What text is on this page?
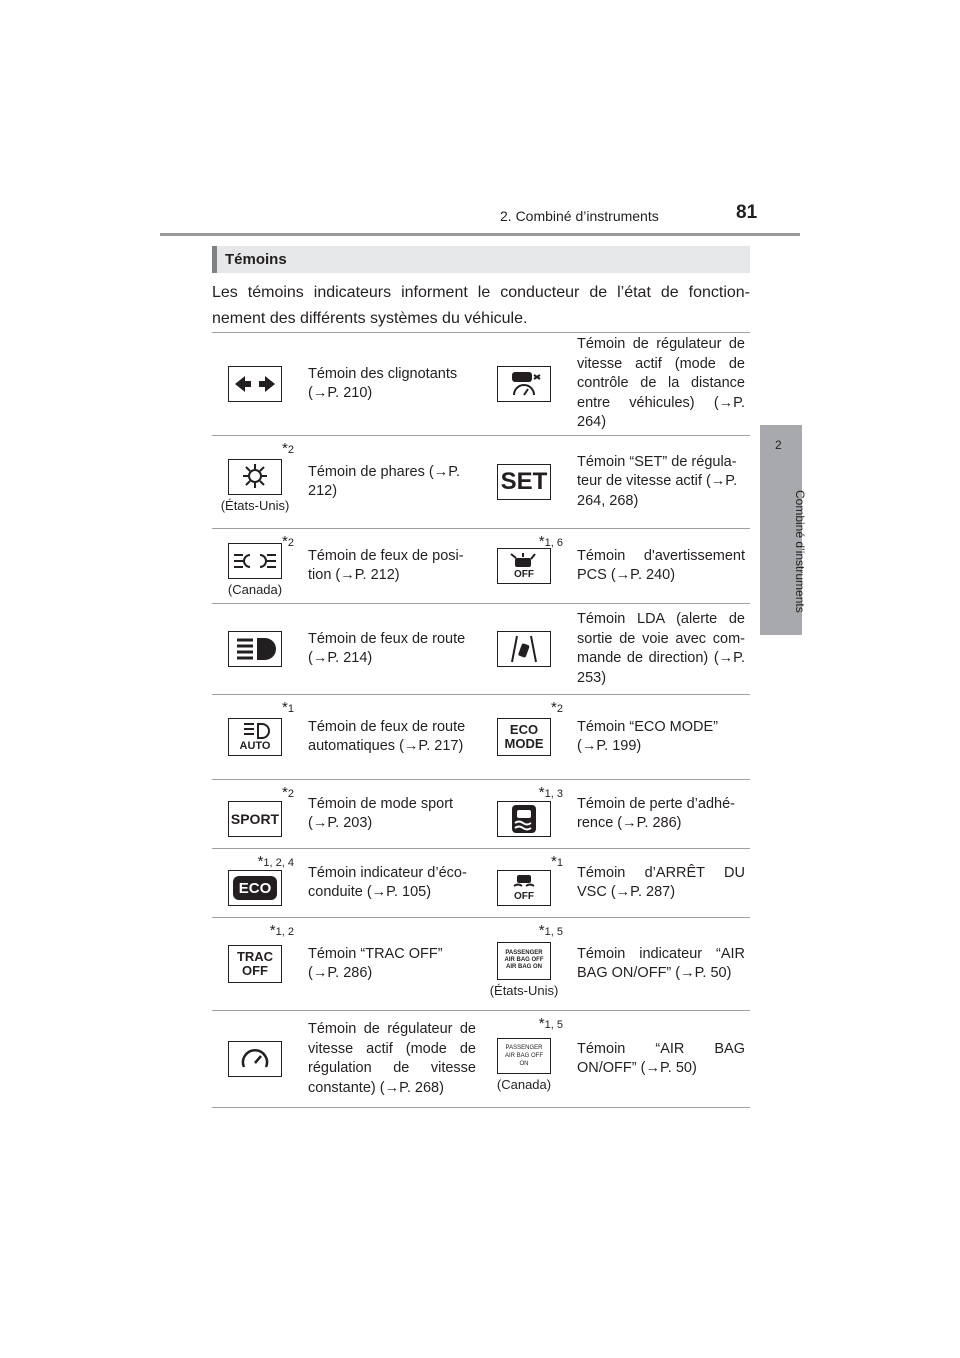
2. Combiné d’instruments	81
2
Combiné d’instruments
Témoins
Les témoins indicateurs informent le conducteur de l’état de fonction-nement des différents systèmes du véhicule.
Témoin des clignotants (→P. 210)
Témoin de régulateur de vitesse actif (mode de contrôle de la distance entre véhicules) (→P. 264)
*2
(États-Unis)
Témoin de phares (→P. 212)	SET
Témoin “SET” de régula-teur de vitesse actif (→P. 264, 268)
*2
(Canada)
Témoin de feux de posi-tion (→P. 212)
*1, 6
OFF
Témoin d'avertissement PCS (→P. 240)
Témoin de feux de route (→P. 214)
Témoin LDA (alerte de sortie de voie avec com-mande de direction) (→P. 253)
*1
AUTO
Témoin de feux de route automatiques (→P. 217)
*2
ECO MODE
Témoin “ECO MODE” (→P. 199)
*2
SPORT
Témoin de mode sport (→P. 203)
*1, 3
Témoin de perte d’adhé-rence (→P. 286)
*1, 2, 4
ECO
Témoin indicateur d’éco-conduite (→P. 105)
*1
OFF
Témoin d’ARRÊT DU VSC (→P. 287)
*1, 2
TRAC OFF
Témoin “TRAC OFF” (→P. 286)
*1, 5
PASSENGER AIR BAG OFF AIR BAG ON
(États-Unis)
Témoin indicateur “AIR BAG ON/OFF” (→P. 50)
Témoin de régulateur de vitesse actif (mode de régulation de vitesse constante) (→P. 268)
*1, 5
PASSENGER AIR BAG OFF ON
(Canada)
Témoin “AIR BAG ON/OFF” (→P. 50)
